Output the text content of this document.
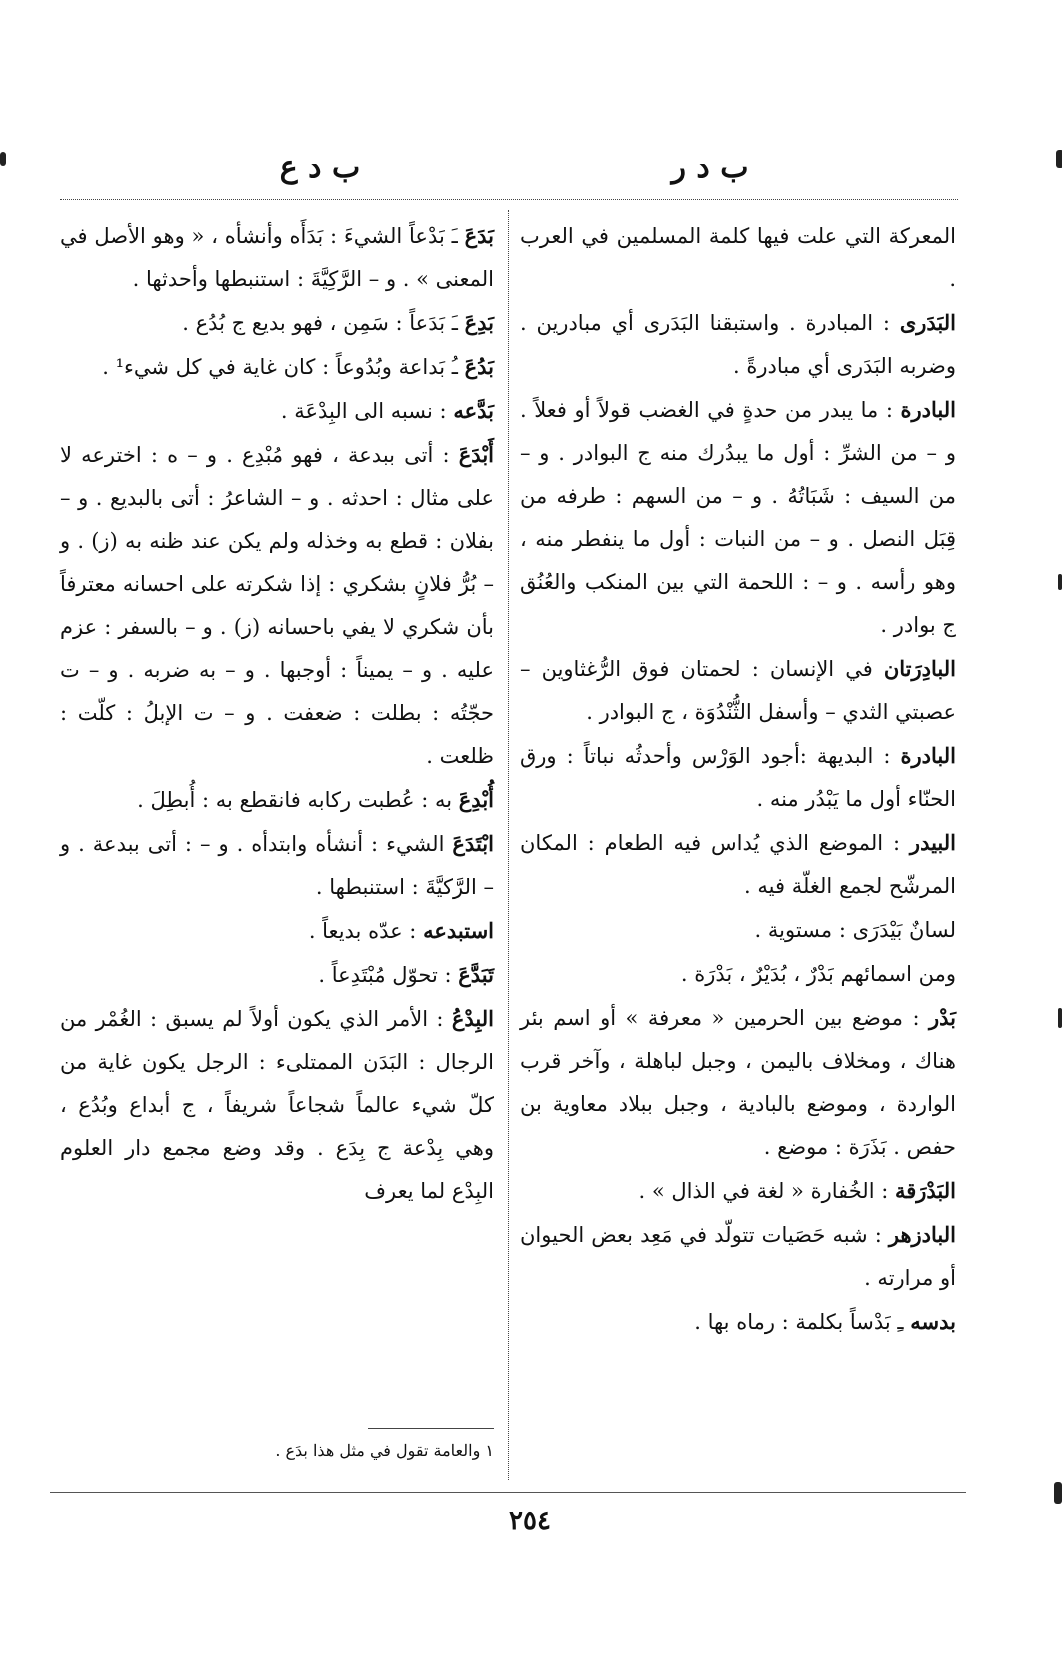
ب د ر
ب د ع

المعركة التي علت فيها كلمة المسلمين في العرب .

البَدَرى : المبادرة . واستبقنا البَدَرى أي مبادرين . وضربه البَدَرى أي مبادرةً .

البادرة : ما يبدر من حدةٍ في الغضب قولاً أو فعلاً . و – من الشرِّ : أول ما يبدُرك منه ج البوادر . و – من السيف : شَبَاتُهُ . و – من السهم : طرفه من قِبَل النصل . و – من النبات : أول ما ينفطر منه ، وهو رأسه . و – : اللحمة التي بين المنكب والعُنُق ج بوادر .

البادِرَتان في الإنسان : لحمتان فوق الرُّغثاوين – عصبتي الثدي – وأسفل الثُّنْدُوَة ، ج البوادر .

البادرة : البديهة :أجود الوَرْس وأحدثُه نباتاً : ورق الحنّاء أول ما يَبْدُر منه .

البيدر : الموضع الذي يُداس فيه الطعام : المكان المرشّح لجمع الغلّة فيه .

لسانٌ بَيْدَرَى : مستوية .

ومن اسمائهم بَدْرٌ ، بُدَيْرٌ ، بَدْرَة .

بَدْر : موضع بين الحرمين « معرفة » أو اسم بئر هناك ، ومخلاف باليمن ، وجبل لباهلة ، وآخر قرب الواردة ، وموضع بالبادية ، وجبل ببلاد معاوية بن حفص . بَذَرَة : موضع .

البَدْرَقة : الخُفارة « لغة في الذال » .

البادزهر : شبه حَصَيات تتولّد في مَعِد بعض الحيوان أو مرارته .

بدسه ـِ بَدْساً بكلمة : رماه بها .

بَدَعَ ـَ بَدْعاً الشيءَ : بَدَأَه وأنشأه ، « وهو الأصل في المعنى » . و – الرَّكِيَّةَ : استنبطها وأحدثها .

بَدِعَ ـَ بَدَعاً : سَمِن ، فهو بديع ج بُدُع .

بَدُعَ ـُ بَداعة وبُدُوعاً : كان غاية في كل شيء¹ .

بَدَّعه : نسبه الى البِدْعَة .

أَبْدَعَ : أتى ببدعة ، فهو مُبْدِع . و – ه : اخترعه لا على مثال : احدثه . و – الشاعرُ : أتى بالبديع . و – بفلان : قطع به وخذله ولم يكن عند ظنه به (ز) . و – بُرُّ فلانٍ بشكري : إذا شكرته على احسانه معترفاً بأن شكري لا يفي باحسانه (ز) . و – بالسفر : عزم عليه . و – يميناً : أوجبها . و – به ضربه . و – ت حجّتُه : بطلت : ضعفت . و – ت الإبلُ : كلّت : ظلعت .

أُبْدِعَ به : عُطبت ركابه فانقطع به : أُبطِلَ .

ابْتَدَعَ الشيء : أنشأه وابتدأه . و – : أتى ببدعة . و – الرَّكيَّةَ : استنبطها .

استبدعه : عدّه بديعاً .

تَبَدَّعَ : تحوّل مُبْتَدِعاً .

البِدْعُ : الأمر الذي يكون أولاً لم يسبق : الغُمْر من الرجال : البَدَن الممتلىء : الرجل يكون غاية من كلّ شيء عالماً شجاعاً شريفاً ، ج أبداع وبُدُع ، وهي بِدْعة ج بِدَع . وقد وضع مجمع دار العلوم البِدْع لما يعرف

١ والعامة تقول في مثل هذا بدَع .
٢٥٤
